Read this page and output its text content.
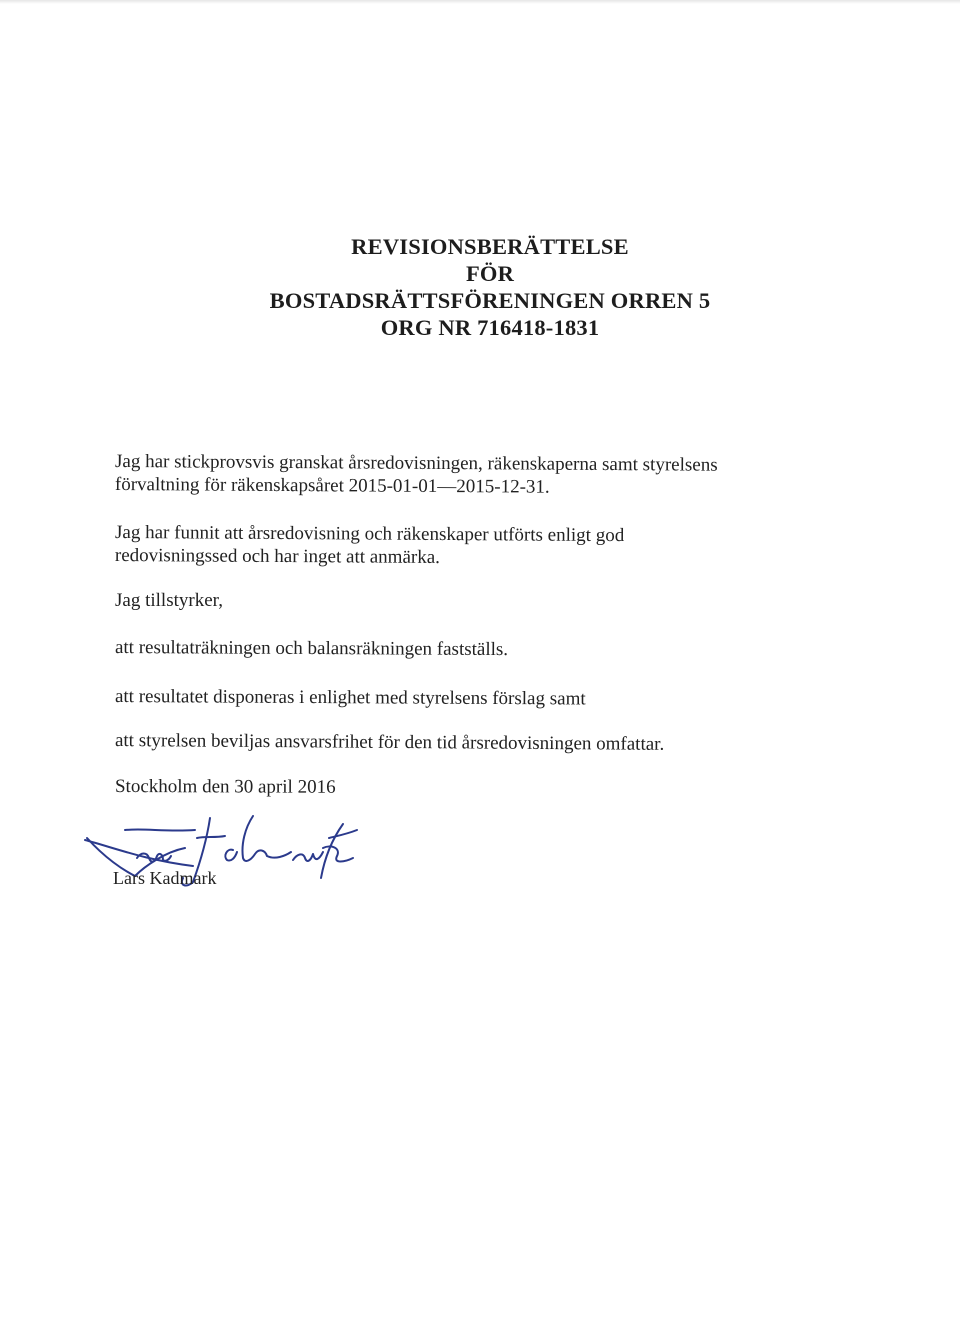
REVISIONSBERÄTTELSE
FÖR
BOSTADSRÄTTSFÖRENINGEN ORREN 5
ORG NR 716418-1831
Jag har stickprovsvis granskat årsredovisningen, räkenskaperna samt styrelsens
förvaltning för räkenskapsåret 2015-01-01—2015-12-31.
Jag har funnit att årsredovisning och räkenskaper utförts enligt god
redovisningssed och har inget att anmärka.
Jag tillstyrker,
att resultaträkningen och balansräkningen fastställs.
att resultatet disponeras i enlighet med styrelsens förslag samt
att styrelsen beviljas ansvarsfrihet för den tid årsredovisningen omfattar.
Stockholm den 30 april 2016
Lars Kadmark
